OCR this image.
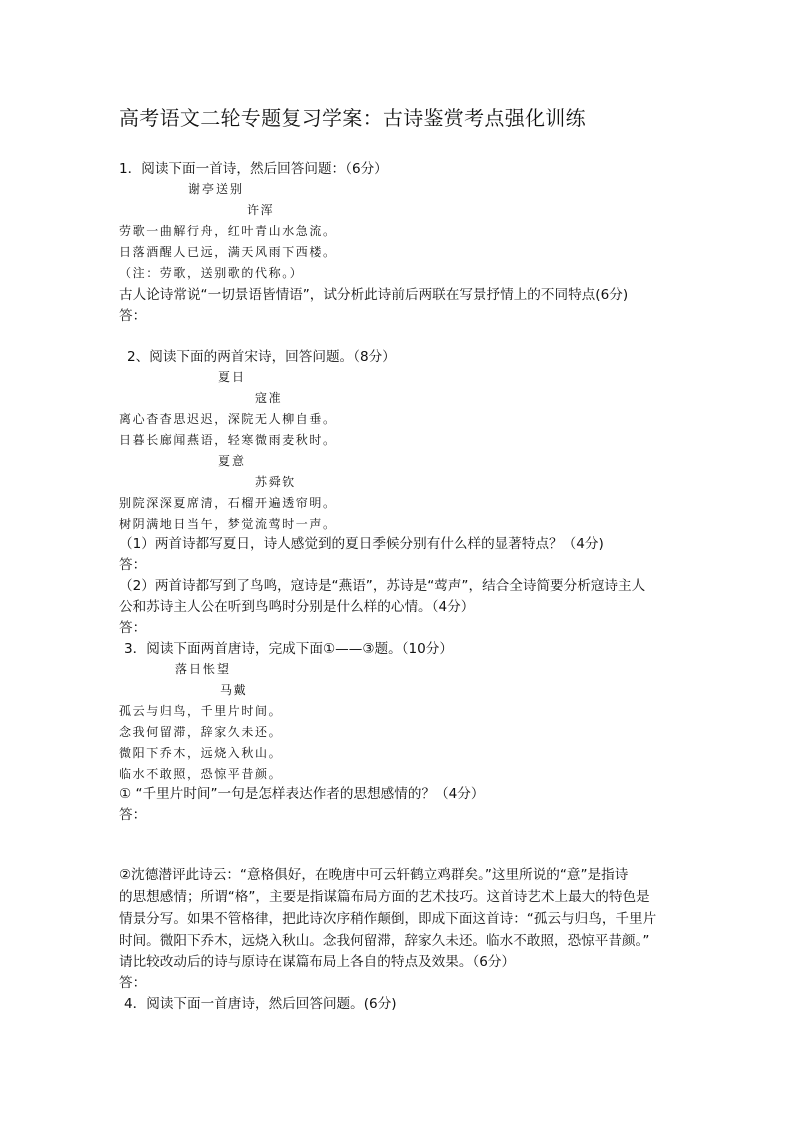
高考语文二轮专题复习学案：古诗鉴赏考点强化训练
1．阅读下面一首诗，然后回答问题：（6分）
谢亭送别
许浑
劳歌一曲解行舟，红叶青山水急流。
日落酒醒人已远，满天风雨下西楼。
（注：劳歌，送别歌的代称。）
古人论诗常说“一切景语皆情语”，试分析此诗前后两联在写景抒情上的不同特点(6分)
答：
2、阅读下面的两首宋诗，回答问题。（8分）
夏日
寇准
离心杳杳思迟迟，深院无人柳自垂。
日暮长廊闻燕语，轻寒微雨麦秋时。
夏意
苏舜钦
别院深深夏席清，石榴开遍透帘明。
树阴满地日当午，梦觉流莺时一声。
（1）两首诗都写夏日，诗人感觉到的夏日季候分别有什么样的显著特点？（4分)
答：
（2）两首诗都写到了鸟鸣，寇诗是“燕语”，苏诗是“莺声”，结合全诗简要分析寇诗主人
公和苏诗主人公在听到鸟鸣时分别是什么样的心情。（4分）
答：
3．阅读下面两首唐诗，完成下面①——③题。（10分）
落日怅望
马戴
孤云与归鸟，千里片时间。
念我何留滞，辞家久未还。
微阳下乔木，远烧入秋山。
临水不敢照，恐惊平昔颜。
① “千里片时间”一句是怎样表达作者的思想感情的？（4分）
答：
②沈德潜评此诗云：“意格俱好，在晚唐中可云轩鹤立鸡群矣。”这里所说的“意”是指诗
的思想感情；所谓“格”，主要是指谋篇布局方面的艺术技巧。这首诗艺术上最大的特色是
情景分写。如果不管格律，把此诗次序稍作颠倒，即成下面这首诗：“孤云与归鸟，千里片
时间。微阳下乔木，远烧入秋山。念我何留滞，辞家久未还。临水不敢照，恐惊平昔颜。”
请比较改动后的诗与原诗在谋篇布局上各自的特点及效果。（6分）
答：
4．阅读下面一首唐诗，然后回答问题。(6分)
